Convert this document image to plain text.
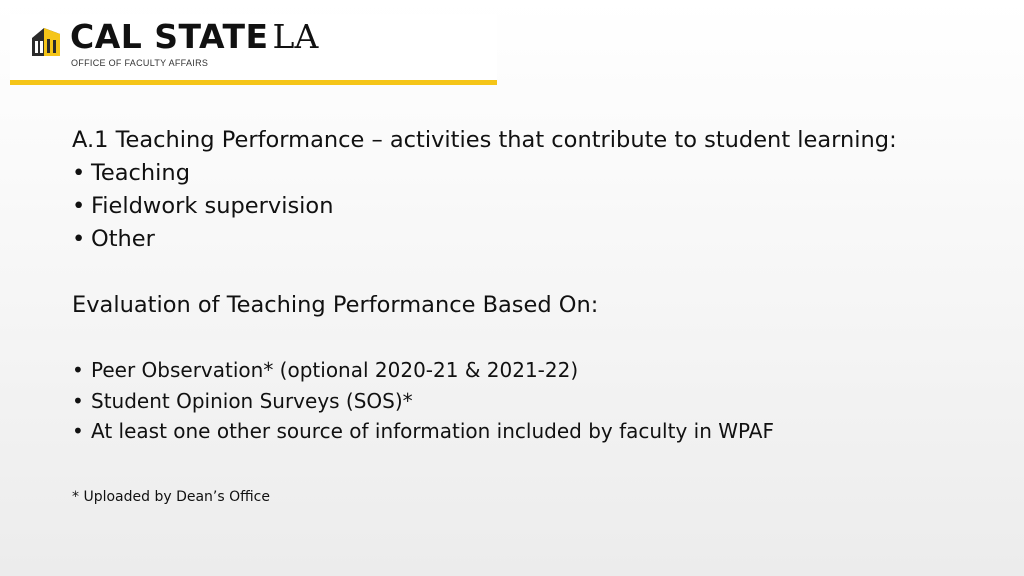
CAL STATE LA
OFFICE OF FACULTY AFFAIRS
A.1 Teaching Performance – activities that contribute to student learning:
• Teaching
• Fieldwork supervision
• Other
Evaluation of Teaching Performance Based On:
• Peer Observation* (optional 2020-21 & 2021-22)
• Student Opinion Surveys (SOS)*
• At least one other source of information included by faculty in WPAF
* Uploaded by Dean’s Office
